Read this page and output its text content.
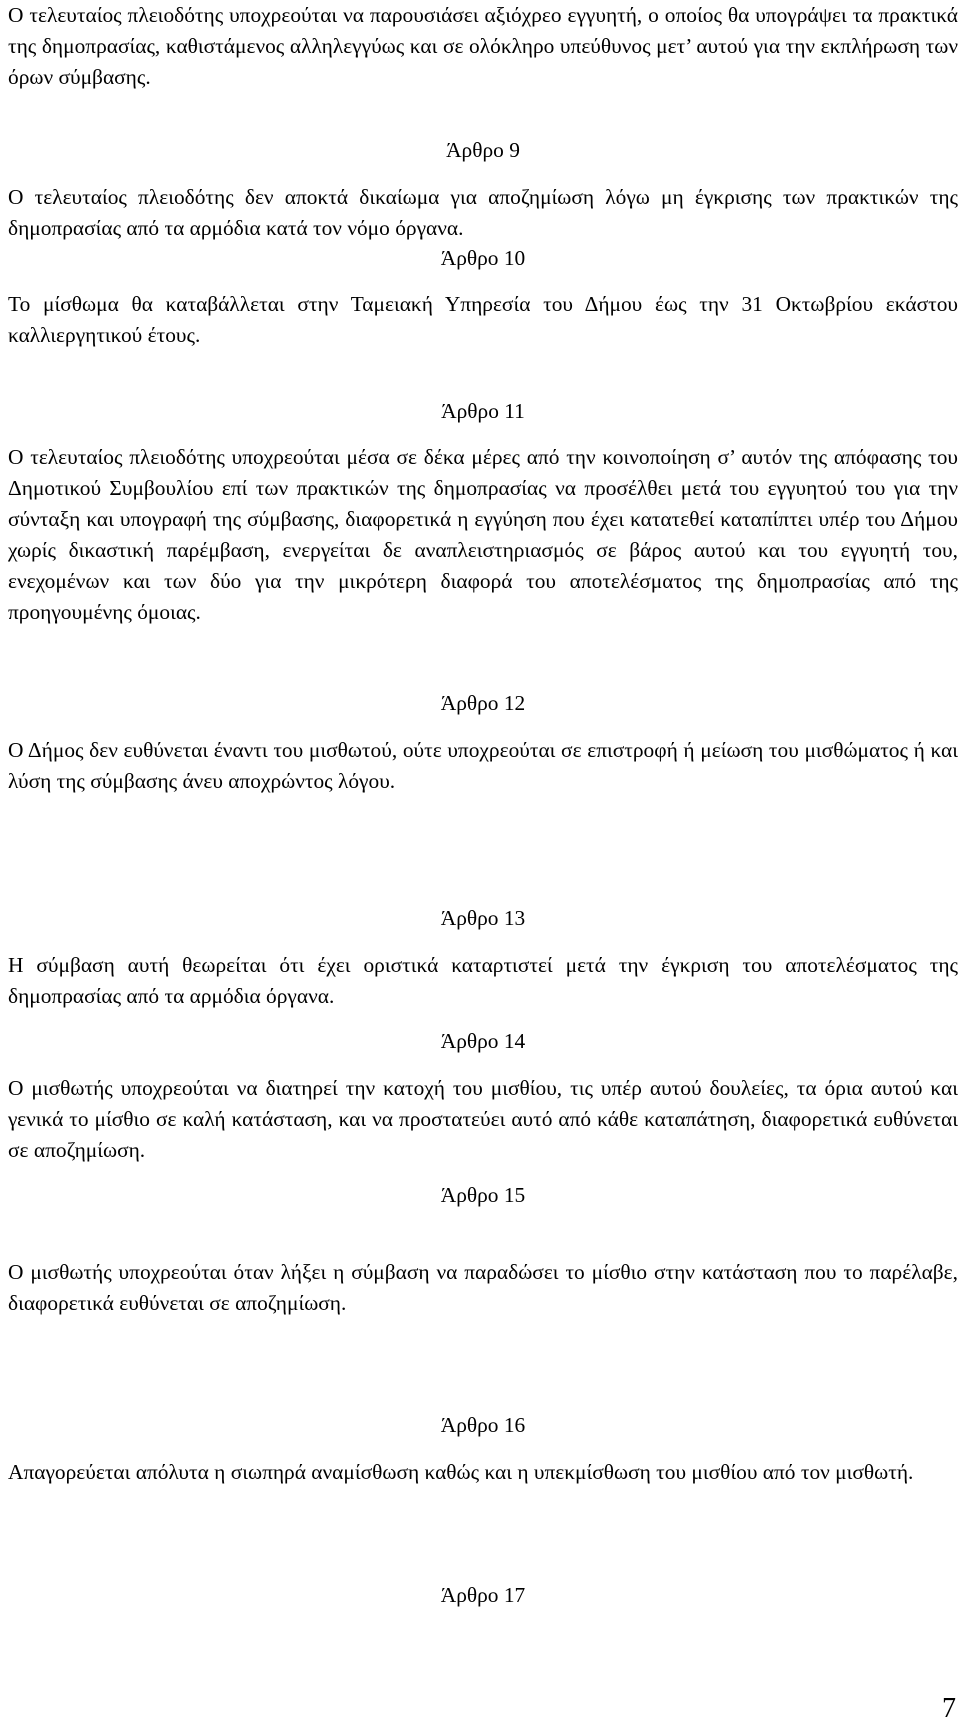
Ο τελευταίος πλειοδότης υποχρεούται να παρουσιάσει αξιόχρεο εγγυητή, ο οποίος θα υπογράψει τα πρακτικά της δημοπρασίας, καθιστάμενος αλληλεγγύως και σε ολόκληρο υπεύθυνος μετ’ αυτού για την εκπλήρωση των όρων σύμβασης.

Άρθρο 9

Ο τελευταίος πλειοδότης δεν αποκτά δικαίωμα για αποζημίωση λόγω μη έγκρισης των πρακτικών της δημοπρασίας από τα αρμόδια κατά τον νόμο όργανα.

Άρθρο 10

Το μίσθωμα θα καταβάλλεται στην Ταμειακή Υπηρεσία του Δήμου έως την 31 Οκτωβρίου εκάστου καλλιεργητικού έτους.

Άρθρο 11

Ο τελευταίος πλειοδότης υποχρεούται μέσα σε δέκα μέρες από την κοινοποίηση σ’ αυτόν της απόφασης του Δημοτικού Συμβουλίου επί των πρακτικών της δημοπρασίας να προσέλθει μετά του εγγυητού του για την σύνταξη και υπογραφή της σύμβασης, διαφορετικά η εγγύηση που έχει κατατεθεί καταπίπτει υπέρ του Δήμου χωρίς δικαστική παρέμβαση, ενεργείται δε αναπλειστηριασμός σε βάρος αυτού και του εγγυητή του, ενεχομένων και των δύο για την μικρότερη διαφορά του αποτελέσματος της δημοπρασίας από της προηγουμένης όμοιας.

Άρθρο 12

Ο Δήμος δεν ευθύνεται έναντι του μισθωτού, ούτε υποχρεούται σε επιστροφή ή μείωση του μισθώματος ή και λύση της σύμβασης άνευ αποχρώντος λόγου.

Άρθρο 13

Η σύμβαση αυτή θεωρείται ότι έχει οριστικά καταρτιστεί μετά την έγκριση του αποτελέσματος της δημοπρασίας από τα αρμόδια όργανα.

Άρθρο 14

Ο μισθωτής υποχρεούται να διατηρεί την κατοχή του μισθίου, τις υπέρ αυτού δουλείες, τα όρια αυτού και γενικά το μίσθιο σε καλή κατάσταση, και να προστατεύει αυτό από κάθε καταπάτηση, διαφορετικά ευθύνεται σε αποζημίωση.

Άρθρο 15

Ο μισθωτής υποχρεούται όταν λήξει η σύμβαση να παραδώσει το μίσθιο στην κατάσταση που το παρέλαβε, διαφορετικά ευθύνεται σε αποζημίωση.

Άρθρο 16

Απαγορεύεται απόλυτα η σιωπηρά αναμίσθωση καθώς και η υπεκμίσθωση του μισθίου από τον μισθωτή.

Άρθρο 17

7
